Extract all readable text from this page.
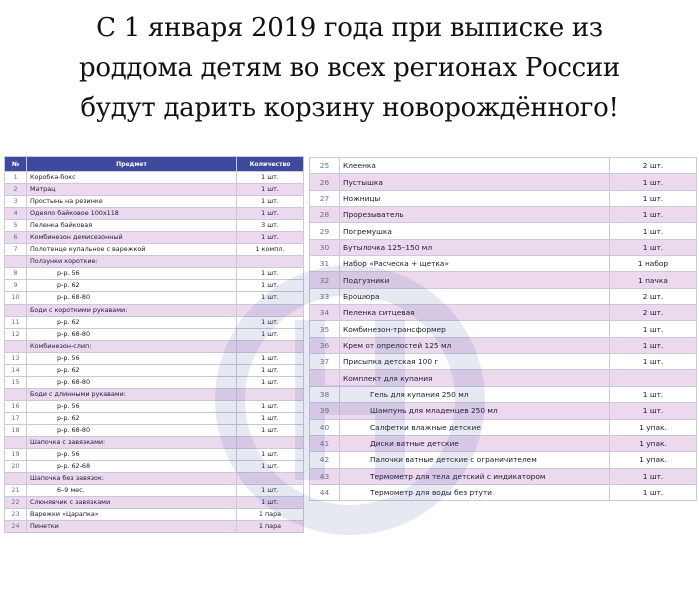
С 1 января 2019 года при выписке из
роддома детям во всех регионах России
будут дарить корзину новорождённого!
№	Предмет	Количество
1	Коробка-бокс	1 шт.
2	Матрац	1 шт.
3	Простынь на резинке	1 шт.
4	Одеяло байковое 100х118	1 шт.
5	Пеленка байковая	3 шт.
6	Комбинезон демисезонный	1 шт.
7	Полотенце купальное с варежкой	1 компл.
	Ползунки короткие:	
8	р-р. 56	1 шт.
9	р-р. 62	1 шт.
10	р-р. 68-80	1 шт.
	Боди с короткими рукавами:	
11	р-р. 62	1 шт.
12	р-р. 68-80	1 шт.
	Комбинезон-слип:	
13	р-р. 56	1 шт.
14	р-р. 62	1 шт.
15	р-р. 68-80	1 шт.
	Боди с длинными рукавами:	
16	р-р. 56	1 шт.
17	р-р. 62	1 шт.
18	р-р. 68-80	1 шт.
	Шапочка с завязками:	
19	р-р. 56	1 шт.
20	р-р. 62-68	1 шт.
	Шапочка без завязок:	
21	6–9 мес.	1 шт.
22	Слюнявчик с завязками	1 шт.
23	Варежки «Царапка»	1 пара
24	Пинетки	1 пара
25	Клеенка	2 шт.
26	Пустышка	1 шт.
27	Ножницы	1 шт.
28	Прорезыватель	1 шт.
29	Погремушка	1 шт.
30	Бутылочка 125–150 мл	1 шт.
31	Набор «Расческа + щетка»	1 набор
32	Подгузники	1 пачка
33	Брошюра	2 шт.
34	Пеленка ситцевая	2 шт.
35	Комбинезон-трансформер	1 шт.
36	Крем от опрелостей 125 мл	1 шт.
37	Присыпка детская 100 г	1 шт.
	Комплект для купания	
38	Гель для купания 250 мл	1 шт.
39	Шампунь для младенцев 250 мл	1 шт.
40	Салфетки влажные детские	1 упак.
41	Диски ватные детские	1 упак.
42	Палочки ватные детские с ограничителем	1 упак.
43	Термометр для тела детский с индикатором	1 шт.
44	Термометр для воды без ртути	1 шт.
